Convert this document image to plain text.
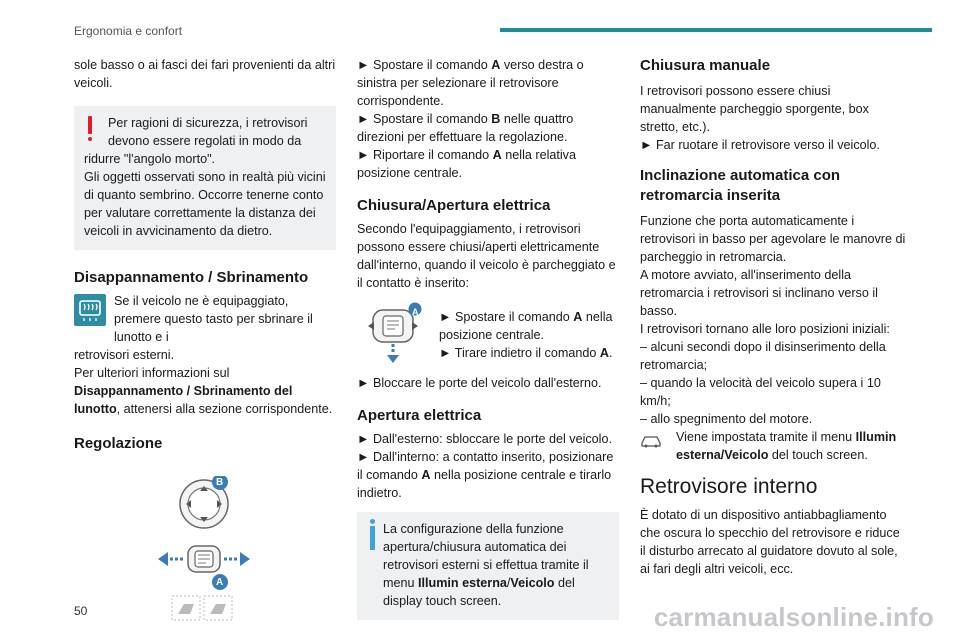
Ergonomia e confort

sole basso o ai fasci dei fari provenienti da altri veicoli.

Per ragioni di sicurezza, i retrovisori devono essere regolati in modo da

ridurre "l'angolo morto".

Gli oggetti osservati sono in realtà più vicini di quanto sembrino. Occorre tenerne conto per valutare correttamente la distanza dei veicoli in avvicinamento da dietro.

Disappannamento / Sbrinamento

Se il veicolo ne è equipaggiato, premere questo tasto per sbrinare il lunotto e i

retrovisori esterni.

Per ulteriori informazioni sul Disappannamento / Sbrinamento del lunotto, attenersi alla sezione corrispondente.

Regolazione
B
A

► Spostare il comando A verso destra o sinistra per selezionare il retrovisore corrispondente.

► Spostare il comando B nelle quattro direzioni per effettuare la regolazione.

► Riportare il comando A nella relativa posizione centrale.

Chiusura/Apertura elettrica

Secondo l'equipaggiamento, i retrovisori possono essere chiusi/aperti elettricamente dall'interno, quando il veicolo è parcheggiato e il contatto è inserito:

A ► Spostare il comando A nella posizione centrale.

► Tirare indietro il comando A.

► Bloccare le porte del veicolo dall'esterno.

Apertura elettrica

► Dall'esterno: sbloccare le porte del veicolo.

► Dall'interno: a contatto inserito, posizionare il comando A nella posizione centrale e tirarlo indietro.

La configurazione della funzione apertura/chiusura automatica dei retrovisori esterni si effettua tramite il menu Illumin esterna/Veicolo del display touch screen.

Chiusura manuale

I retrovisori possono essere chiusi manualmente parcheggio sporgente, box stretto, etc.).

► Far ruotare il retrovisore verso il veicolo.

Inclinazione automatica con retromarcia inserita

Funzione che porta automaticamente i retrovisori in basso per agevolare le manovre di parcheggio in retromarcia.

A motore avviato, all'inserimento della retromarcia i retrovisori si inclinano verso il basso.

I retrovisori tornano alle loro posizioni iniziali:

– alcuni secondi dopo il disinserimento della retromarcia;

– quando la velocità del veicolo supera i 10 km/h;

– allo spegnimento del motore.

Viene impostata tramite il menu Illumin esterna/Veicolo del touch screen.

Retrovisore interno

È dotato di un dispositivo antiabbagliamento che oscura lo specchio del retrovisore e riduce il disturbo arrecato al guidatore dovuto al sole, ai fari degli altri veicoli, ecc.

50	carmanualsonline.info
